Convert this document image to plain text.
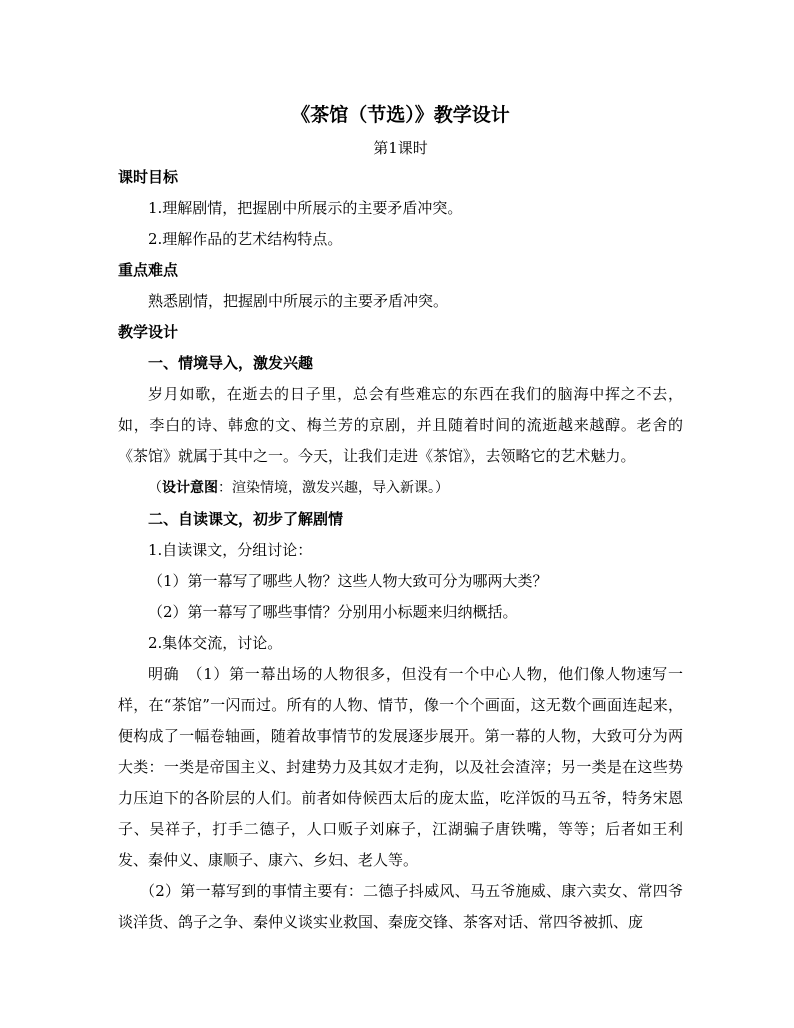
《茶馆（节选）》教学设计

第1课时

课时目标

1.理解剧情，把握剧中所展示的主要矛盾冲突。

2.理解作品的艺术结构特点。

重点难点

熟悉剧情，把握剧中所展示的主要矛盾冲突。

教学设计

一、情境导入，激发兴趣

岁月如歌，在逝去的日子里，总会有些难忘的东西在我们的脑海中挥之不去，如，李白的诗、韩愈的文、梅兰芳的京剧，并且随着时间的流逝越来越醇。老舍的《茶馆》就属于其中之一。今天，让我们走进《茶馆》，去领略它的艺术魅力。

（设计意图：渲染情境，激发兴趣，导入新课。）

二、自读课文，初步了解剧情

1.自读课文，分组讨论：

（1）第一幕写了哪些人物？这些人物大致可分为哪两大类？

（2）第一幕写了哪些事情？分别用小标题来归纳概括。

2.集体交流，讨论。

明确　（1）第一幕出场的人物很多，但没有一个中心人物，他们像人物速写一样，在“茶馆”一闪而过。所有的人物、情节，像一个个画面，这无数个画面连起来，便构成了一幅卷轴画，随着故事情节的发展逐步展开。第一幕的人物，大致可分为两大类：一类是帝国主义、封建势力及其奴才走狗，以及社会渣滓；另一类是在这些势力压迫下的各阶层的人们。前者如侍候西太后的庞太监，吃洋饭的马五爷，特务宋恩子、吴祥子，打手二德子，人口贩子刘麻子，江湖骗子唐铁嘴，等等；后者如王利发、秦仲义、康顺子、康六、乡妇、老人等。

（2）第一幕写到的事情主要有：二德子抖威风、马五爷施威、康六卖女、常四爷谈洋货、鸽子之争、秦仲义谈实业救国、秦庞交锋、茶客对话、常四爷被抓、庞
